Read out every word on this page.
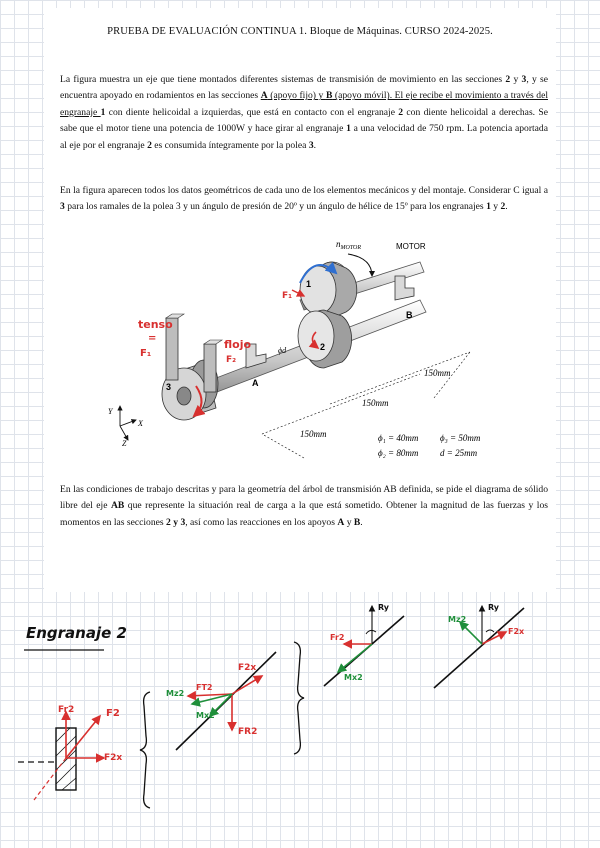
PRUEBA DE EVALUACIÓN CONTINUA 1. Bloque de Máquinas. CURSO 2024-2025.

La figura muestra un eje que tiene montados diferentes sistemas de transmisión de movimiento en las secciones 2 y 3, y se encuentra apoyado en rodamientos en las secciones A (apoyo fijo) y B (apoyo móvil). El eje recibe el movimiento a través del engranaje 1 con diente helicoidal a izquierdas, que está en contacto con el engranaje 2 con diente helicoidal a derechas. Se sabe que el motor tiene una potencia de 1000W y hace girar al engranaje 1 a una velocidad de 750 rpm. La potencia aportada al eje por el engranaje 2 es consumida íntegramente por la polea 3.

En la figura aparecen todos los datos geométricos de cada uno de los elementos mecánicos y del montaje. Considerar C igual a 3 para los ramales de la polea 3 y un ángulo de presión de 20º y un ángulo de hélice de 15º para los engranajes 1 y 2.

En las condiciones de trabajo descritas y para la geometría del árbol de transmisión AB definida, se pide el diagrama de sólido libre del eje AB que represente la situación real de carga a la que está sometido. Obtener la magnitud de las fuerzas y los momentos en las secciones 2 y 3, así como las reacciones en los apoyos A y B.

$n_{MOTOR}$	MOTOR
1
2
3	A
B
ϕd
Y
X
Z
150mm
150mm
150mm
ϕ₁ = 40mm ϕ₃ = 50mm
ϕ₂ = 80mm d = 25mm
tenso
=
F₁
flojo
F₂
F₁
Engranaje 2
Fr2	F2
F2x
Mz2
FT2
Mx2
FR2
F2x
Ry
Fr2
Mx2
Ry
Mz2
F2x
